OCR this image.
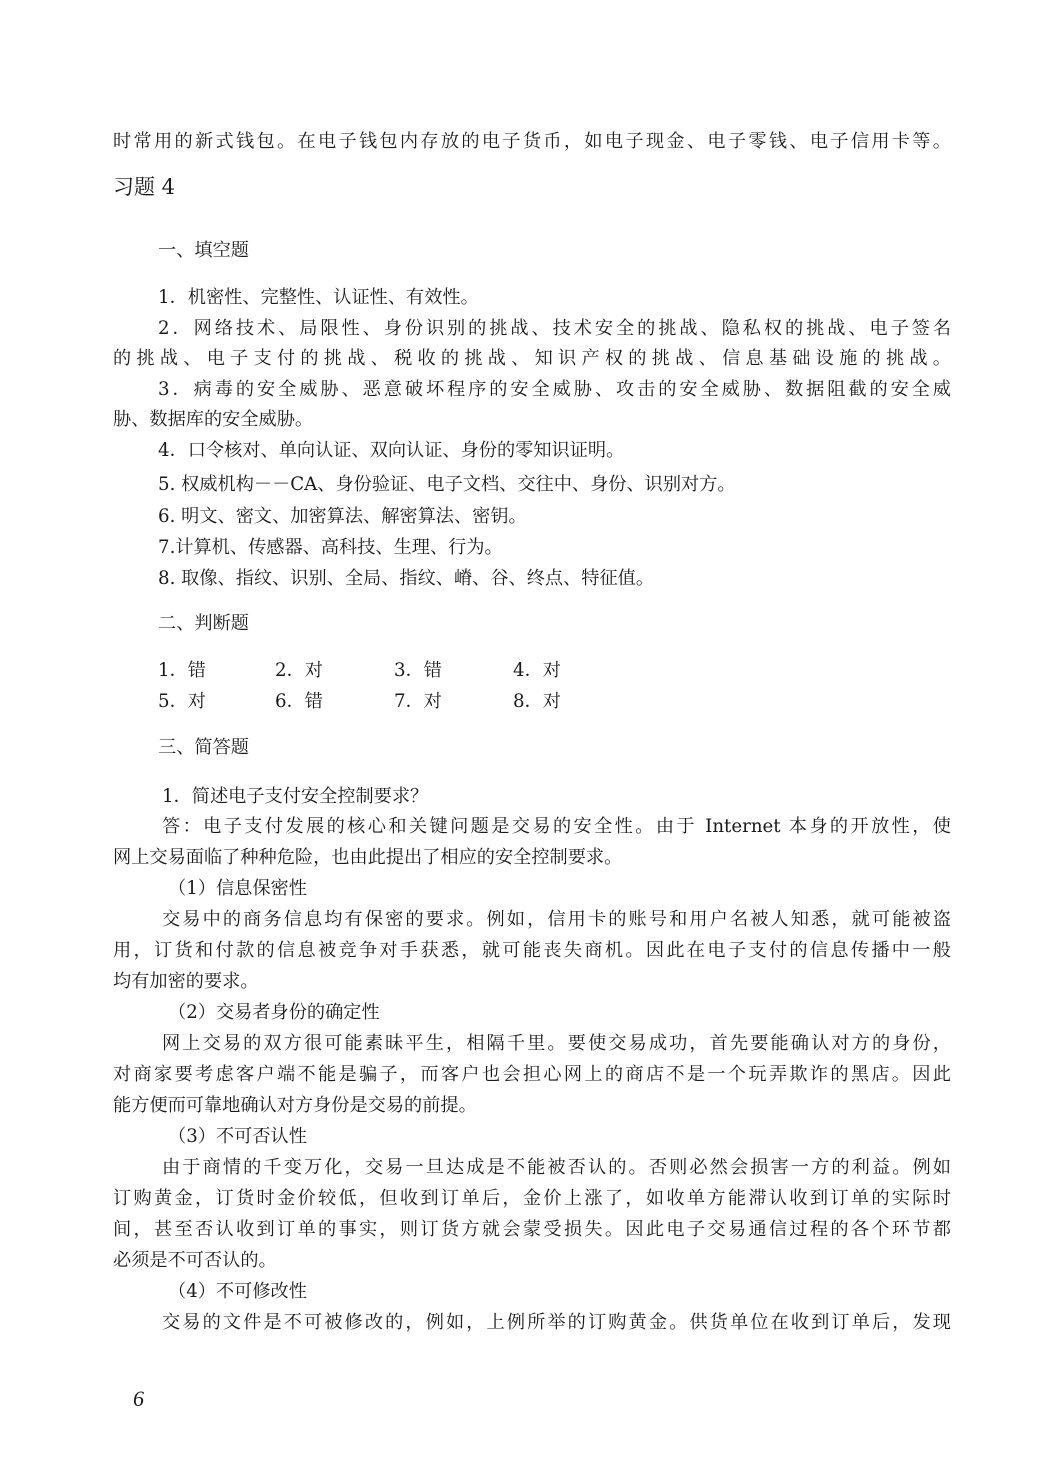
时常用的新式钱包。在电子钱包内存放的电子货币，如电子现金、电子零钱、电子信用卡等。
习题 4
一、填空题
1．机密性、完整性、认证性、有效性。
2．网络技术、局限性、身份识别的挑战、技术安全的挑战、隐私权的挑战、电子签名
的挑战、电子支付的挑战、税收的挑战、知识产权的挑战、信息基础设施的挑战。
3．病毒的安全威胁、恶意破坏程序的安全威胁、攻击的安全威胁、数据阻截的安全威
胁、数据库的安全威胁。
4．口令核对、单向认证、双向认证、身份的零知识证明。
5. 权威机构－－CA、身份验证、电子文档、交往中、身份、识别对方。
6. 明文、密文、加密算法、解密算法、密钥。
7.计算机、传感器、高科技、生理、行为。
8. 取像、指纹、识别、全局、指纹、嵴、谷、终点、特征值。
二、判断题
1．错	2．对	3．错	4．对
5．对	6．错	7．对	8．对
三、简答题
1．简述电子支付安全控制要求？
答：电子支付发展的核心和关键问题是交易的安全性。由于 Internet 本身的开放性，使
网上交易面临了种种危险，也由此提出了相应的安全控制要求。
（1）信息保密性
交易中的商务信息均有保密的要求。例如，信用卡的账号和用户名被人知悉，就可能被盗
用，订货和付款的信息被竞争对手获悉，就可能丧失商机。因此在电子支付的信息传播中一般
均有加密的要求。
（2）交易者身份的确定性
网上交易的双方很可能素昧平生，相隔千里。要使交易成功，首先要能确认对方的身份，
对商家要考虑客户端不能是骗子，而客户也会担心网上的商店不是一个玩弄欺诈的黑店。因此
能方便而可靠地确认对方身份是交易的前提。
（3）不可否认性
由于商情的千变万化，交易一旦达成是不能被否认的。否则必然会损害一方的利益。例如
订购黄金，订货时金价较低，但收到订单后，金价上涨了，如收单方能滞认收到订单的实际时
间，甚至否认收到订单的事实，则订货方就会蒙受损失。因此电子交易通信过程的各个环节都
必须是不可否认的。
（4）不可修改性
交易的文件是不可被修改的，例如，上例所举的订购黄金。供货单位在收到订单后，发现
6
